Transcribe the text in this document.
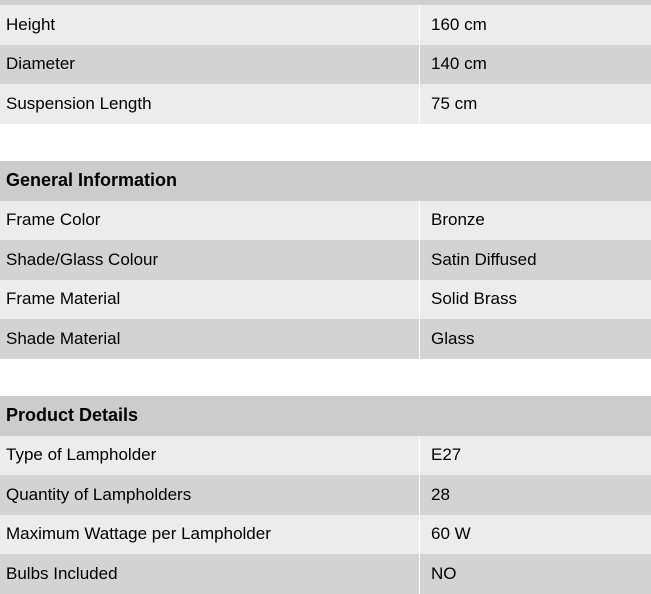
Height	160 cm
Diameter	140 cm
Suspension Length	75 cm
General Information
Frame Color	Bronze
Shade/Glass Colour	Satin Diffused
Frame Material	Solid Brass
Shade Material	Glass
Product Details
Type of Lampholder	E27
Quantity of Lampholders	28
Maximum Wattage per Lampholder	60 W
Bulbs Included	NO
